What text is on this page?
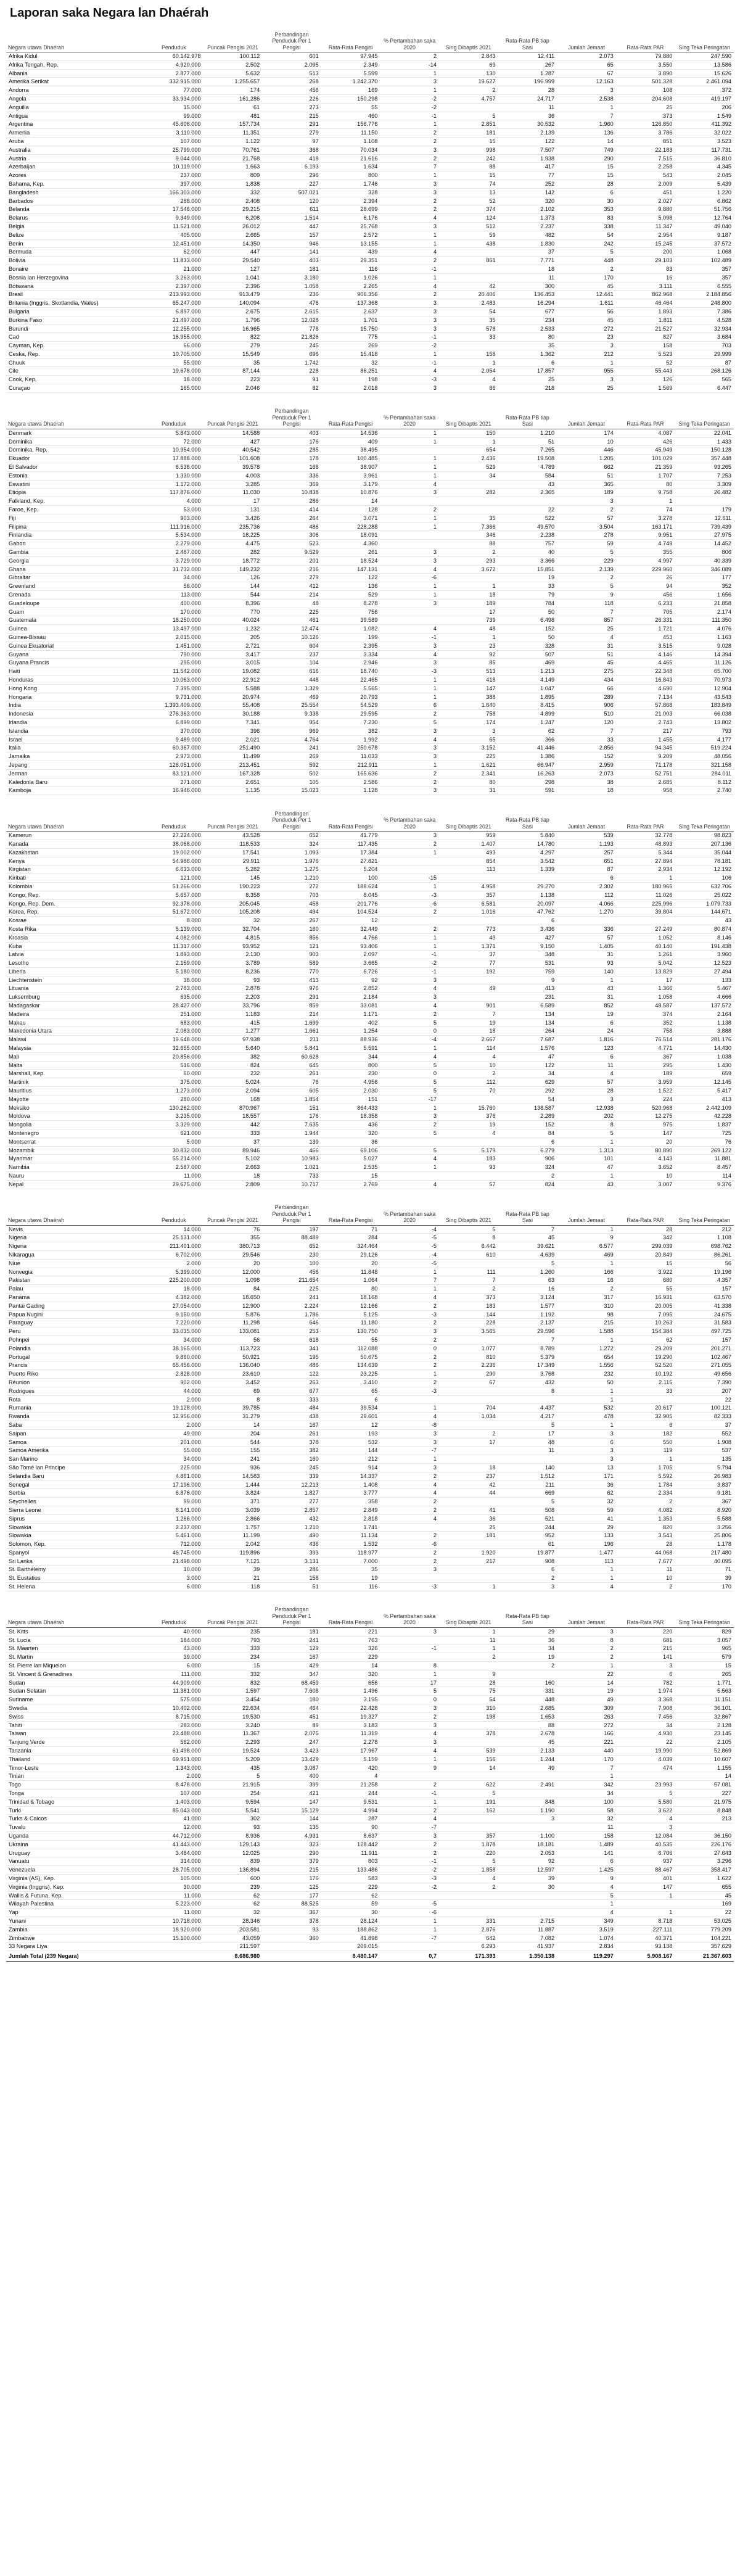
Laporan saka Negara lan Dhaérah
Negara utawa Dhaérah	Penduduk	Puncak Pengisi 2021	Perbandingan Penduduk Per 1 Pengisi	Rata-Rata Pengisi	% Pertambahan saka 2020	Sing Dibaptis 2021	Rata-Rata PB tiap Sasi	Jumlah Jemaat	Rata-Rata PAR	Sing Teka Peringatan
Afrika Kidul	60.142.978	100.112	601	97.945	2	2.843	12.411	2.073	79.880	247.590
Afrika Tengah, Rep.	4.920.000	2.502	2.095	2.349	-14	69	267	65	3.550	13.586
Albania	2.877.000	5.632	513	5.599	1	130	1.287	67	3.890	15.626
Amerika Serikat	332.915.000	1.255.657	268	1.242.370	3	19.627	196.999	12.163	501.328	2.461.094
Andorra	77.000	174	456	169	1	2	28	3	108	372
Angola	33.934.000	161.286	226	150.298	-2	4.757	24.717	2.538	204.608	419.197
Anguilla	15.000	61	273	55	-2		11	1	25	206
Antigua	99.000	481	215	460	-1	5	36	7	373	1.549
Argentina	45.606.000	157.734	291	156.776	1	2.851	30.532	1.960	126.850	411.392
Armenia	3.110.000	11.351	279	11.150	2	181	2.139	136	3.786	32.022
Aruba	107.000	1.122	97	1.108	2	15	122	14	851	3.523
Australia	25.799.000	70.761	368	70.034	3	998	7.507	749	22.183	117.731
Austria	9.044.000	21.768	418	21.616	2	242	1.938	290	7.515	36.810
Azerbaijan	10.119.000	1.663	6.193	1.634	7	88	417	15	2.258	4.345
Azores	237.000	809	296	800	1	15	77	15	543	2.045
Bahama, Kep.	397.000	1.838	227	1.746	3	74	252	28	2.009	5.439
Bangladesh	166.303.000	332	507.021	328	3	13	142	6	451	1.220
Barbados	288.000	2.408	120	2.394	2	52	320	30	2.027	6.862
Belanda	17.546.000	29.215	611	28.699	2	374	2.102	353	9.880	51.756
Belarus	9.349.000	6.208	1.514	6.176	4	124	1.373	83	5.098	12.764
Belgia	11.521.000	26.012	447	25.768	3	512	2.237	338	11.347	49.040
Belize	405.000	2.665	157	2.572	1	59	482	54	2.954	9.187
Benin	12.451.000	14.350	946	13.155	1	438	1.830	242	15.245	37.572
Bermuda	62.000	447	141	439	4		37	5	200	1.068
Bolivia	11.833.000	29.540	403	29.351	2	861	7.771	448	29.103	102.489
Bonaire	21.000	127	181	116	-1		18	2	83	357
Bosnia lan Herzegovina	3.263.000	1.041	3.180	1.026	1		11	170	16	357
Botswana	2.397.000	2.396	1.058	2.265	4	42	300	45	3.111	6.555
Brasil	213.993.000	913.479	236	906.356	2	20.406	136.453	12.441	862.968	2.184.856
Britania (Inggris, Skotlandia, Wales)	65.247.000	140.094	476	137.368	3	2.483	16.294	1.611	46.464	248.800
Bulgaria	6.897.000	2.675	2.615	2.637	3	54	677	56	1.893	7.386
Burkina Faso	21.497.000	1.796	12.028	1.701	3	35	234	45	1.811	4.528
Burundi	12.255.000	16.965	778	15.750	3	578	2.533	272	21.527	32.934
Cad	16.955.000	822	21.826	775	-1	33	80	23	827	3.684
Cayman, Kep.	66.000	279	245	269	-2		35	3	158	703
Ceska, Rep.	10.705.000	15.549	696	15.418	1	158	1.362	212	5.523	29.999
Chuuk	55.000	35	1.742	32	-1	1	6	1	52	87
Cile	19.678.000	87.144	228	86.251	4	2.054	17.857	955	55.443	268.126
Cook, Kep.	18.000	223	91	198	-3	4	25	3	126	565
Curaçao	165.000	2.046	82	2.018	3	86	218	25	1.569	6.447
Negara utawa Dhaérah	Penduduk	Puncak Pengisi 2021	Perbandingan Penduduk Per 1 Pengisi	Rata-Rata Pengisi	% Pertambahan saka 2020	Sing Dibaptis 2021	Rata-Rata PB tiap Sasi	Jumlah Jemaat	Rata-Rata PAR	Sing Teka Peringatan
Denmark	5.843.000	14.588	403	14.536	1	150	1.210	174	4.087	22.041
Dominika	72.000	427	176	409	1	1	51	10	426	1.433
Dominika, Rep.	10.954.000	40.542	285	38.495		654	7.265	446	45.949	150.128
Ekuador	17.888.000	101.608	178	100.485	1	2.436	19.508	1.205	101.029	357.448
El Salvador	6.538.000	39.578	168	38.907	1	529	4.789	662	21.359	93.265
Estonia	1.330.000	4.003	336	3.961	1	34	584	51	1.707	7.253
Eswatini	1.172.000	3.285	369	3.179	4		43	365	80	3.309
Etiopia	117.876.000	11.030	10.838	10.876	3	282	2.365	189	9.758	26.482
Falkland, Kep.	4.000	17	286	14				3	1	
Faroe, Kep.	53.000	131	414	128	2		22	2	74	179
Fiji	903.000	3.426	264	3.071	1	35	522	57	3.278	12.611
Filipina	111.916.000	235.736	486	228.288	1	7.366	49.570	3.504	163.171	739.439
Finlandia	5.534.000	18.225	306	18.091		346	2.238	278	9.951	27.975
Gabon	2.279.000	4.475	523	4.360		88	757	59	4.749	14.452
Gambia	2.487.000	282	9.529	261	3	2	40	5	355	806
Georgia	3.729.000	18.772	201	18.524	3	293	3.366	229	4.997	40.339
Ghana	31.732.000	149.232	216	147.131	4	3.672	15.851	2.139	229.960	346.089
Gibraltar	34.000	126	279	122	-6		19	2	26	177
Greenland	56.000	144	412	136	1	1	33	5	94	352
Grenada	113.000	544	214	529	1	18	79	9	456	1.656
Guadeloupe	400.000	8.396	48	8.278	3	189	784	118	6.233	21.858
Guam	170.000	770	225	756		17	50	7	705	2.174
Guatemala	18.250.000	40.024	461	39.589		739	6.498	857	26.331	111.350
Guinea	13.497.000	1.232	12.474	1.082	4	48	152	25	1.721	4.076
Guinea-Bissau	2.015.000	205	10.126	199	-1	1	50	4	453	1.163
Guinea Ekuatorial	1.451.000	2.721	604	2.395	3	23	328	31	3.515	9.028
Guyana	790.000	3.417	237	3.334	4	92	507	51	4.146	14.394
Guyana Prancis	295.000	3.015	104	2.946	3	85	469	45	4.465	11.126
Haiti	11.542.000	19.082	616	18.740	-3	513	1.213	275	22.348	65.700
Honduras	10.063.000	22.912	448	22.465	1	418	4.149	434	16.843	70.973
Hong Kong	7.395.000	5.588	1.329	5.565	1	147	1.047	66	4.690	12.904
Hongaria	9.731.000	20.974	469	20.793	1	388	1.895	289	7.134	43.543
India	1.393.409.000	55.408	25.554	54.529	6	1.640	8.415	906	57.868	183.849
Indonesia	276.363.000	30.188	9.338	29.595	2	758	4.899	510	21.003	66.038
Irlandia	6.899.000	7.341	954	7.230	5	174	1.247	120	2.743	13.802
Islandia	370.000	396	969	382	3	3	62	7	217	793
Israel	9.489.000	2.021	4.764	1.992	4	65	366	33	1.455	4.177
Italia	60.367.000	251.490	241	250.678	3	3.152	41.446	2.856	94.345	519.224
Jamaika	2.973.000	11.499	269	11.033	3	225	1.386	152	9.209	48.056
Jepang	126.051.000	213.451	592	212.911	1	1.621	66.947	2.959	71.178	321.158
Jerman	83.121.000	167.328	502	165.636	2	2.341	16.263	2.073	52.751	284.011
Kaledonia Baru	271.000	2.651	105	2.586	2	80	298	38	2.685	8.112
Kamboja	16.946.000	1.135	15.023	1.128	3	31	591	18	958	2.740
Negara utawa Dhaérah	Penduduk	Puncak Pengisi 2021	Perbandingan Penduduk Per 1 Pengisi	Rata-Rata Pengisi	% Pertambahan saka 2020	Sing Dibaptis 2021	Rata-Rata PB tiap Sasi	Jumlah Jemaat	Rata-Rata PAR	Sing Teka Peringatan
Kamerun	27.224.000	43.528	652	41.779	3	959	5.840	539	32.778	98.823
Kanada	38.068.000	118.533	324	117.435	2	1.407	14.780	1.193	48.893	207.136
Kazakhstan	19.002.000	17.541	1.093	17.384	1	493	4.297	257	5.344	35.044
Kenya	54.986.000	29.911	1.976	27.821		854	3.542	651	27.894	78.181
Kirgistan	6.633.000	5.282	1.275	5.204		113	1.339	87	2.934	12.192
Kiribati	121.000	145	1.210	100	-15			6	1	106
Kolombia	51.266.000	190.223	272	188.624	1	4.958	29.270	2.302	180.965	632.706
Kongo, Rep.	5.657.000	8.358	703	8.045	-3	357	1.138	112	11.026	25.022
Kongo, Rep. Dem.	92.378.000	205.045	458	201.776	-6	6.581	20.097	4.066	225.996	1.079.733
Korea, Rep.	51.672.000	105.208	494	104.524	2	1.016	47.762	1.270	39.804	144.671
Kosrae	8.000	32	267	12			6			43
Kosta Rika	5.139.000	32.704	160	32.449	2	773	3.436	336	27.249	80.874
Kroasia	4.082.000	4.815	856	4.766	1	49	427	57	1.052	8.146
Kuba	11.317.000	93.952	121	93.406	1	1.371	9.150	1.405	40.140	191.438
Latvia	1.893.000	2.130	903	2.097	-1	37	348	31	1.261	3.960
Lesotho	2.159.000	3.789	589	3.665	-2	77	531	93	5.042	12.523
Liberia	5.180.000	8.236	770	6.726	-1	192	759	140	13.829	27.494
Liechtenstein	38.000	93	413	92	3		9	1	17	133
Lituania	2.783.000	2.878	976	2.852	4	49	413	43	1.366	5.467
Luksemburg	635.000	2.203	291	2.184	3		231	31	1.058	4.666
Madagaskar	28.427.000	33.796	859	33.081	4	901	6.589	852	48.587	137.572
Madeira	251.000	1.183	214	1.171	2	7	134	19	374	2.164
Makau	683.000	415	1.699	402	5	19	134	6	352	1.138
Makedonia Utara	2.083.000	1.277	1.661	1.254	0	18	264	24	758	3.888
Malawi	19.648.000	97.938	211	88.936	-4	2.667	7.687	1.816	76.514	281.176
Malaysia	32.655.000	5.640	5.841	5.591	1	114	1.576	123	4.771	14.430
Mali	20.856.000	382	60.628	344	4	4	47	6	367	1.038
Malta	516.000	824	645	800	5	10	122	11	295	1.430
Marshall, Kep.	60.000	232	261	230	0	2	34	4	189	659
Martinik	375.000	5.024	76	4.956	5	112	629	57	3.959	12.145
Mauritius	1.273.000	2.094	605	2.030	5	70	292	28	1.522	5.417
Mayotte	280.000	168	1.854	151	-17		54	3	224	413
Meksiko	130.262.000	870.967	151	864.433	1	15.760	138.587	12.938	520.968	2.442.109
Moldova	3.235.000	18.557	176	18.358	3	376	2.289	202	12.275	42.228
Mongolia	3.329.000	442	7.635	436	2	19	152	8	975	1.837
Montenegro	621.000	333	1.944	320	5	4	84	5	147	725
Montserrat	5.000	37	139	36			6	1	20	76
Mozambik	30.832.000	89.946	466	69.106	5	5.179	6.279	1.313	80.890	269.122
Myanmar	55.214.000	5.102	10.983	5.027	4	183	906	101	4.143	11.881
Namibia	2.587.000	2.663	1.021	2.535	1	93	324	47	3.652	8.457
Nauru	11.000	18	733	15			2	1	10	114
Nepal	29.675.000	2.809	10.717	2.769	4	57	824	43	3.007	9.376
Negara utawa Dhaérah	Penduduk	Puncak Pengisi 2021	Perbandingan Penduduk Per 1 Pengisi	Rata-Rata Pengisi	% Pertambahan saka 2020	Sing Dibaptis 2021	Rata-Rata PB tiap Sasi	Jumlah Jemaat	Rata-Rata PAR	Sing Teka Peringatan
Nevis	14.000	76	197	71	-4	5	7	1	28	212
Nigeria	25.131.000	355	88.489	284	-5	8	45	9	342	1.108
Nigeria	211.401.000	380.713	652	324.464	-5	6.442	39.621	6.577	299.039	698.762
Nikaragua	6.702.000	29.546	230	29.126	-4	610	4.639	469	20.849	86.261
Niue	2.000	20	100	20	-5		5	1	15	56
Norwegia	5.399.000	12.000	456	11.848	1	111	1.260	166	3.922	19.196
Pakistan	225.200.000	1.098	211.654	1.064	7	7	63	16	680	4.357
Palau	18.000	84	225	80	1	2	16	2	55	157
Panama	4.382.000	18.650	241	18.168	4	373	3.124	317	16.931	63.570
Pantai Gading	27.054.000	12.900	2.224	12.166	2	183	1.577	310	20.005	41.338
Papua Nugini	9.150.000	5.876	1.786	5.125	-3	144	1.192	98	7.095	24.675
Paraguay	7.220.000	11.298	646	11.180	2	228	2.137	215	10.263	31.583
Peru	33.035.000	133.081	253	130.750	3	3.565	29.596	1.588	154.384	497.725
Pohnpei	34.000	56	618	55	2		7	1	62	157
Polandia	38.165.000	113.723	341	112.088	0	1.077	8.789	1.272	29.209	201.271
Portugal	9.860.000	50.921	195	50.675	2	810	5.379	654	19.290	102.467
Prancis	65.456.000	136.040	486	134.639	2	2.236	17.349	1.556	52.520	271.055
Puerto Riko	2.828.000	23.610	122	23.225	1	290	3.768	232	10.192	49.656
Réunion	902.000	3.452	263	3.410	2	67	432	50	2.115	7.390
Rodrigues	44.000	69	677	65	-3		8	1	33	207
Rota	2.000	8	333	6				1		22
Rumania	19.128.000	39.785	484	39.534	1	704	4.437	532	20.617	100.121
Rwanda	12.956.000	31.279	438	29.601	4	1.034	4.217	478	32.905	82.333
Saba	2.000	14	167	12	-8		5	1	6	37
Saipan	49.000	204	261	193	3	2	17	3	182	552
Samoa	201.000	544	378	532	3	17	48	6	550	1.908
Samoa Amerika	55.000	155	382	144	-7		11	3	119	537
San Marino	34.000	241	160	212	1			3	1	135
São Tomé lan Principe	225.000	936	245	914	3	18	140	13	1.705	5.794
Selandia Baru	4.861.000	14.583	339	14.337	2	237	1.512	171	5.592	26.983
Senegal	17.196.000	1.444	12.213	1.408	4	42	211	36	1.784	3.837
Serbia	6.876.000	3.824	1.827	3.777	4	44	669	62	2.334	9.181
Seychelles	99.000	371	277	358	2		5	32	2	367
Sierra Leone	8.141.000	3.039	2.857	2.849	2	41	508	59	4.082	8.920
Siprus	1.266.000	2.866	432	2.818	4	36	521	41	1.353	5.588
Slowakia	2.237.000	1.757	1.210	1.741		25	244	29	820	3.256
Slowakia	5.461.000	11.199	490	11.134	2	181	952	133	3.543	25.806
Solomon, Kep.	712.000	2.042	436	1.532	-6		61	196	28	1.178
Spanyol	46.745.000	119.896	393	118.977	2	1.920	19.877	1.477	44.068	217.480
Sri Lanka	21.498.000	7.121	3.131	7.000	2	217	908	113	7.677	40.095
St. Barthélemy	10.000	39	286	35	3		6	1	11	71
St. Eustatius	3.000	21	158	19			2	1	10	39
St. Helena	6.000	118	51	116	-3	1	3	4	2	170
Negara utawa Dhaérah	Penduduk	Puncak Pengisi 2021	Perbandingan Penduduk Per 1 Pengisi	Rata-Rata Pengisi	% Pertambahan saka 2020	Sing Dibaptis 2021	Rata-Rata PB tiap Sasi	Jumlah Jemaat	Rata-Rata PAR	Sing Teka Peringatan
St. Kitts	40.000	235	181	221	3	1	29	3	220	829
St. Lucia	184.000	793	241	763		11	36	8	681	3.057
St. Maarten	43.000	333	129	326	-1	1	34	2	215	965
St. Martin	39.000	234	167	229		2	19	2	141	579
St. Pierre lan Miquelon	6.000	15	429	14	8		2	1	3	15
St. Vincent & Grenadines	111.000	332	347	320	1	9		22	6	265
Sudan	44.909.000	832	68.459	656	17	28	160	14	782	1.771
Sudan Selatan	11.381.000	1.597	7.608	1.496	5	75	331	19	1.974	5.563
Suriname	575.000	3.454	180	3.195	0	54	448	49	3.368	11.151
Swedia	10.402.000	22.634	464	22.428	3	310	2.685	309	7.908	36.101
Swiss	8.715.000	19.530	451	19.327	2	198	1.653	263	7.456	32.867
Tahiti	283.000	3.240	89	3.183	3		88	272	34	2.128
Taiwan	23.488.000	11.367	2.075	11.319	4	378	2.678	166	4.930	23.145
Tanjung Verde	562.000	2.293	247	2.278	3		45	221	22	2.105
Tanzania	61.498.000	19.524	3.423	17.967	4	539	2.133	440	19.990	52.869
Thailand	69.951.000	5.209	13.429	5.159	1	156	1.244	170	4.039	10.607
Timor-Leste	1.343.000	435	3.087	420	9	14	49	7	474	1.155
Tinian	2.000	5	400	4				1		14
Togo	8.478.000	21.915	399	21.258	2	622	2.491	342	23.993	57.081
Tonga	107.000	254	421	244	-1	5		34	5	227
Trinidad & Tobago	1.403.000	9.594	147	9.531	1	191	848	100	5.580	21.975
Turki	85.043.000	5.541	15.129	4.994	2	162	1.190	58	3.622	8.848
Turks & Caicos	41.000	302	144	287	4		3	32	4	213
Tuvalu	12.000	93	135	90	-7			11	3	
Uganda	44.712.000	8.936	4.931	8.637	3	357	1.100	158	12.084	36.150
Ukraina	41.443.000	129.143	323	128.442	2	1.878	18.181	1.489	40.535	226.176
Uruguay	3.484.000	12.025	290	11.911	2	220	2.053	141	6.706	27.643
Vanuatu	314.000	839	379	803	-1	5	92	6	937	3.296
Venezuela	28.705.000	136.894	215	133.486	-2	1.858	12.597	1.425	88.467	358.417
Virginia (AS), Kep.	105.000	600	176	583	-3	4	39	9	401	1.622
Virginia (Inggris), Kep.	30.000	239	125	229	-2	2	30	4	147	655
Wallis & Futuna, Kep.	11.000	62	177	62				5	1	45
Wilayah Palestina	5.223.000	62	88.525	59	-5			1		169
Yap	11.000	32	367	30	-6			4	1	22
Yunani	10.718.000	28.346	378	28.124	1	331	2.715	349	8.718	53.025
Zambia	18.920.000	203.581	93	188.862	1	2.876	11.887	3.519	227.111	779.209
Zimbabwe	15.100.000	43.059	360	41.898	-7	642	7.082	1.074	40.371	104.221
33 Negara Liya		211.597		209.015		6.293	41.937	2.834	93.138	357.629
Jumlah Total (239 Negara)		8.686.980		8.480.147	0,7	171.393	1.350.138	119.297	5.908.167	21.367.603
